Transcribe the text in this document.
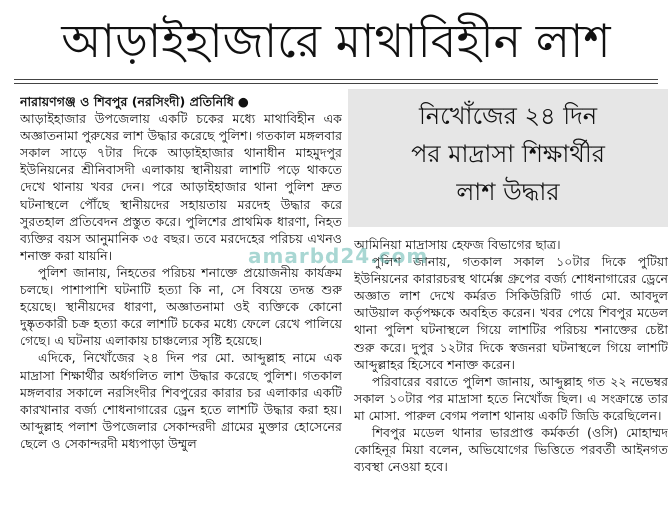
আড়াইহাজারে মাথাবিহীন লাশ

নারায়ণগঞ্জ ও শিবপুর (নরসিংদী) প্রতিনিধি ●

আড়াইহাজার উপজেলায় একটি চকের মধ্যে মাথাবিহীন এক অজ্ঞাতনামা পুরুষের লাশ উদ্ধার করেছে পুলিশ। গতকাল মঙ্গলবার সকাল সাড়ে ৭টার দিকে আড়াইহাজার থানাধীন মাহমুদপুর ইউনিয়নের শ্রীনিবাসদী এলাকায় স্থানীয়রা লাশটি পড়ে থাকতে দেখে থানায় খবর দেন। পরে আড়াইহাজার থানা পুলিশ দ্রুত ঘটনাস্থলে পৌঁছে স্থানীয়দের সহায়তায় মরদেহ উদ্ধার করে সুরতহাল প্রতিবেদন প্রস্তুত করে। পুলিশের প্রাথমিক ধারণা, নিহত ব্যক্তির বয়স আনুমানিক ৩৫ বছর। তবে মরদেহের পরিচয় এখনও শনাক্ত করা যায়নি।

পুলিশ জানায়, নিহতের পরিচয় শনাক্তে প্রয়োজনীয় কার্যক্রম চলছে। পাশাপাশি ঘটনাটি হত্যা কি না, সে বিষয়ে তদন্ত শুরু হয়েছে। স্থানীয়দের ধারণা, অজ্ঞাতনামা ওই ব্যক্তিকে কোনো দুষ্কৃতকারী চক্র হত্যা করে লাশটি চকের মধ্যে ফেলে রেখে পালিয়ে গেছে। এ ঘটনায় এলাকায় চাঞ্চল্যের সৃষ্টি হয়েছে।

এদিকে, নিখোঁজের ২৪ দিন পর মো. আব্দুল্লাহ নামে এক মাদ্রাসা শিক্ষার্থীর অর্ধগলিত লাশ উদ্ধার করেছে পুলিশ। গতকাল মঙ্গলবার সকালে নরসিংদীর শিবপুরের কারার চর এলাকার একটি কারখানার বর্জ্য শোধনাগারের ড্রেন হতে লাশটি উদ্ধার করা হয়। আব্দুল্লাহ পলাশ উপজেলার সেকান্দরদী গ্রামের মুক্তার হোসেনের ছেলে ও সেকান্দরদী মধ্যপাড়া উম্মুল

নিখোঁজের ২৪ দিন
পর মাদ্রাসা শিক্ষার্থীর
লাশ উদ্ধার

আমিনিয়া মাদ্রাসায় হেফজ বিভাগের ছাত্র।

পুলিশ জানায়, গতকাল সকাল ১০টার দিকে পুটিয়া ইউনিয়নের কারারচরস্থ থার্মেক্স গ্রুপের বর্জ্য শোধনাগারের ড্রেনে অজ্ঞাত লাশ দেখে কর্মরত সিকিউরিটি গার্ড মো. আবদুল আউয়াল কর্তৃপক্ষকে অবহিত করেন। খবর পেয়ে শিবপুর মডেল থানা পুলিশ ঘটনাস্থলে গিয়ে লাশটির পরিচয় শনাক্তের চেষ্টা শুরু করে। দুপুর ১২টার দিকে স্বজনরা ঘটনাস্থলে গিয়ে লাশটি আব্দুল্লাহর হিসেবে শনাক্ত করেন।

পরিবারের বরাতে পুলিশ জানায়, আব্দুল্লাহ গত ২২ নভেম্বর সকাল ১০টার পর মাদ্রাসা হতে নিখোঁজ ছিল। এ সংক্রান্তে তার মা মোসা. পারুল বেগম পলাশ থানায় একটি জিডি করেছিলেন।

শিবপুর মডেল থানার ভারপ্রাপ্ত কর্মকর্তা (ওসি) মোহাম্মদ কোহিনূর মিয়া বলেন, অভিযোগের ভিত্তিতে পরবর্তী আইনগত ব্যবস্থা নেওয়া হবে।

amarbd24.com
